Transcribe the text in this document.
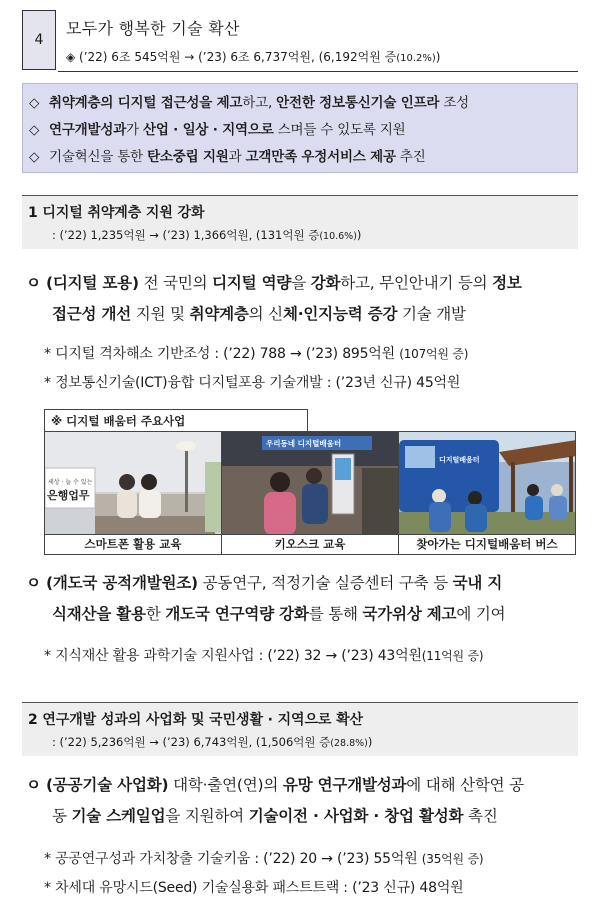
4
모두가 행복한 기술 확산
◈ (’22) 6조 545억원 → (’23) 6조 6,737억원, (6,192억원 증(10.2%))
◇ 취약계층의 디지털 접근성을 제고하고, 안전한 정보통신기술 인프라 조성
◇ 연구개발성과가 산업 · 일상 · 지역으로 스며들 수 있도록 지원
◇ 기술혁신을 통한 탄소중립 지원과 고객만족 우정서비스 제공 추진
1 디지털 취약계층 지원 강화
: (’22) 1,235억원 → (’23) 1,366억원, (131억원 증(10.6%))
ㅇ (디지털 포용) 전 국민의 디지털 역량을 강화하고, 무인안내기 등의 정보
접근성 개선 지원 및 취약계층의 신체·인지능력 증강 기술 개발
* 디지털 격차해소 기반조성 : (’22) 788 → (’23) 895억원 (107억원 증)
* 정보통신기술(ICT)융합 디지털포용 기술개발 : (’23년 신규) 45억원
※ 디지털 배움터 주요사업
세상 · 늘 수 있는
은행업무
스마트폰 활용 교육
우리동네 디지털배움터
키오스크 교육
디지털배움터
찾아가는 디지털배움터 버스
ㅇ (개도국 공적개발원조) 공동연구, 적정기술 실증센터 구축 등 국내 지
식재산을 활용한 개도국 연구역량 강화를 통해 국가위상 제고에 기여
* 지식재산 활용 과학기술 지원사업 : (’22) 32 → (’23) 43억원(11억원 증)
2 연구개발 성과의 사업화 및 국민생활 · 지역으로 확산
: (’22) 5,236억원 → (’23) 6,743억원, (1,506억원 증(28.8%))
ㅇ (공공기술 사업화) 대학·출연(연)의 유망 연구개발성과에 대해 산학연 공
동 기술 스케일업을 지원하여 기술이전 · 사업화 · 창업 활성화 촉진
* 공공연구성과 가치창출 기술키움 : (’22) 20 → (’23) 55억원 (35억원 증)
* 차세대 유망시드(Seed) 기술실용화 패스트트랙 : (’23 신규) 48억원
